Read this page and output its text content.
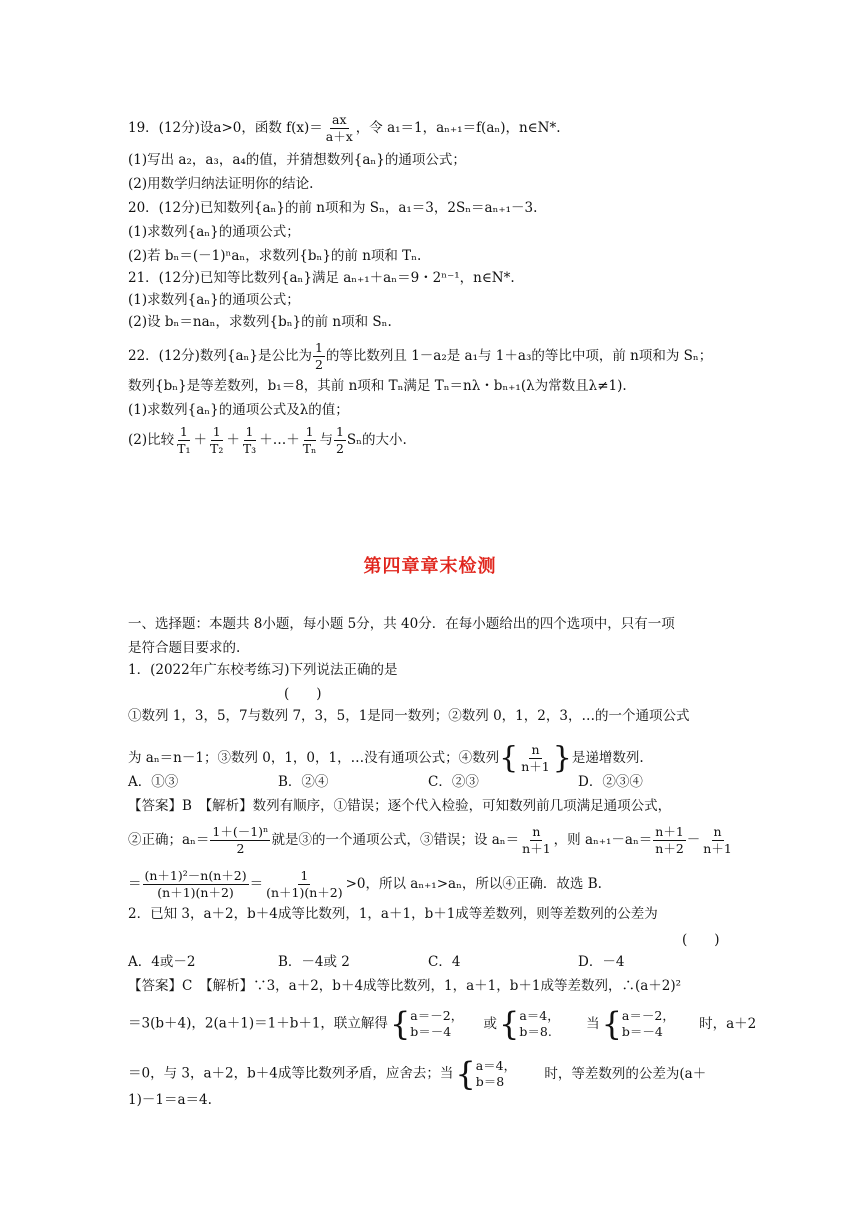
19．(12分)设a>0，函数 $f(x)= \frac{ax}{a+x}$ ，令 a₁＝1，aₙ₊₁＝f(aₙ)，n∈N*.
(1)写出 a₂，a₃，a₄的值，并猜想数列{aₙ}的通项公式；
(2)用数学归纳法证明你的结论.
20．(12分)已知数列{aₙ}的前 n项和为 Sₙ，a₁＝3，2Sₙ＝aₙ₊₁－3.
(1)求数列{aₙ}的通项公式；
(2)若 bₙ＝(－1)ⁿaₙ，求数列{bₙ}的前 n项和 Tₙ.
21．(12分)已知等比数列{aₙ}满足 aₙ₊₁＋aₙ＝9・2ⁿ⁻¹，n∈N*.
(1)求数列{aₙ}的通项公式；
(2)设 bₙ＝naₙ，求数列{bₙ}的前 n项和 Sₙ.
22．(12分)数列{aₙ}是公比为 $\frac{1}{2}$ 的等比数列且 1－a₂是 a₁与 1＋a₃的等比中项，前 n项和为 Sₙ；
数列{bₙ}是等差数列，b₁＝8，其前 n项和 Tₙ满足 Tₙ＝nλ・bₙ₊₁(λ为常数且λ≠1).
(1)求数列{aₙ}的通项公式及λ的值；
(2)比较 $\frac{1}{\text{T₁}} + \frac{1}{\text{T₂}} + \frac{1}{\text{T₃}}$ ＋…＋ $\frac{1}{\text{Tₙ}}$ 与 $\frac{1}{2}$ Sₙ的大小.
第四章章末检测
一、选择题：本题共 8小题，每小题 5分，共 40分．在每小题给出的四个选项中，只有一项
是符合题目要求的.
1．(2022年广东校考练习)下列说法正确的是
(　　)
①数列 1，3，5，7与数列 7，3，5，1是同一数列；②数列 0，1，2，3，…的一个通项公式
为 aₙ＝n－1；③数列 0，1，0，1，…没有通项公式；④数列{ $\frac{n}{n+1}$ }是递增数列.
A．①③	B．②④	C．②③	D．②③④
【答案】B　【解析】数列有顺序，①错误；逐个代入检验，可知数列前几项满足通项公式，
②正确；$a_n= \frac{\text{1＋(－1)ⁿ}}{2}$ 就是③的一个通项公式，③错误；设 $a_n= \frac{n}{n+1}$ ，则 $a_{n+1}-a_n= \frac{n+1}{n+2} - \frac{n}{n+1}$
＝ $\frac{\text{(n＋1)²－n(n＋2)}}{(n+1)(n+2)} = \frac{1}{(n+1)(n+2)} >0$，所以 aₙ₊₁>aₙ，所以④正确．故选 B.
2．已知 3，a＋2，b＋4成等比数列，1，a＋1，b＋1成等差数列，则等差数列的公差为
(　　)
A．4或－2	B．－4或 2	C．4	D．－4
【答案】C　【解析】∵3，a＋2，b＋4成等比数列，1，a＋1，b＋1成等差数列，∴(a＋2)²
＝3(b＋4)，2(a＋1)＝1＋b＋1，联立解得 { a＝－2，
b＝－4	或 { a＝4，
b＝8.	当 { a＝－2，
b＝－4	时，a＋2
＝0，与 3，a＋2，b＋4成等比数列矛盾，应舍去；当 { a＝4，
b＝8	时，等差数列的公差为(a＋
1)－1＝a＝4.
